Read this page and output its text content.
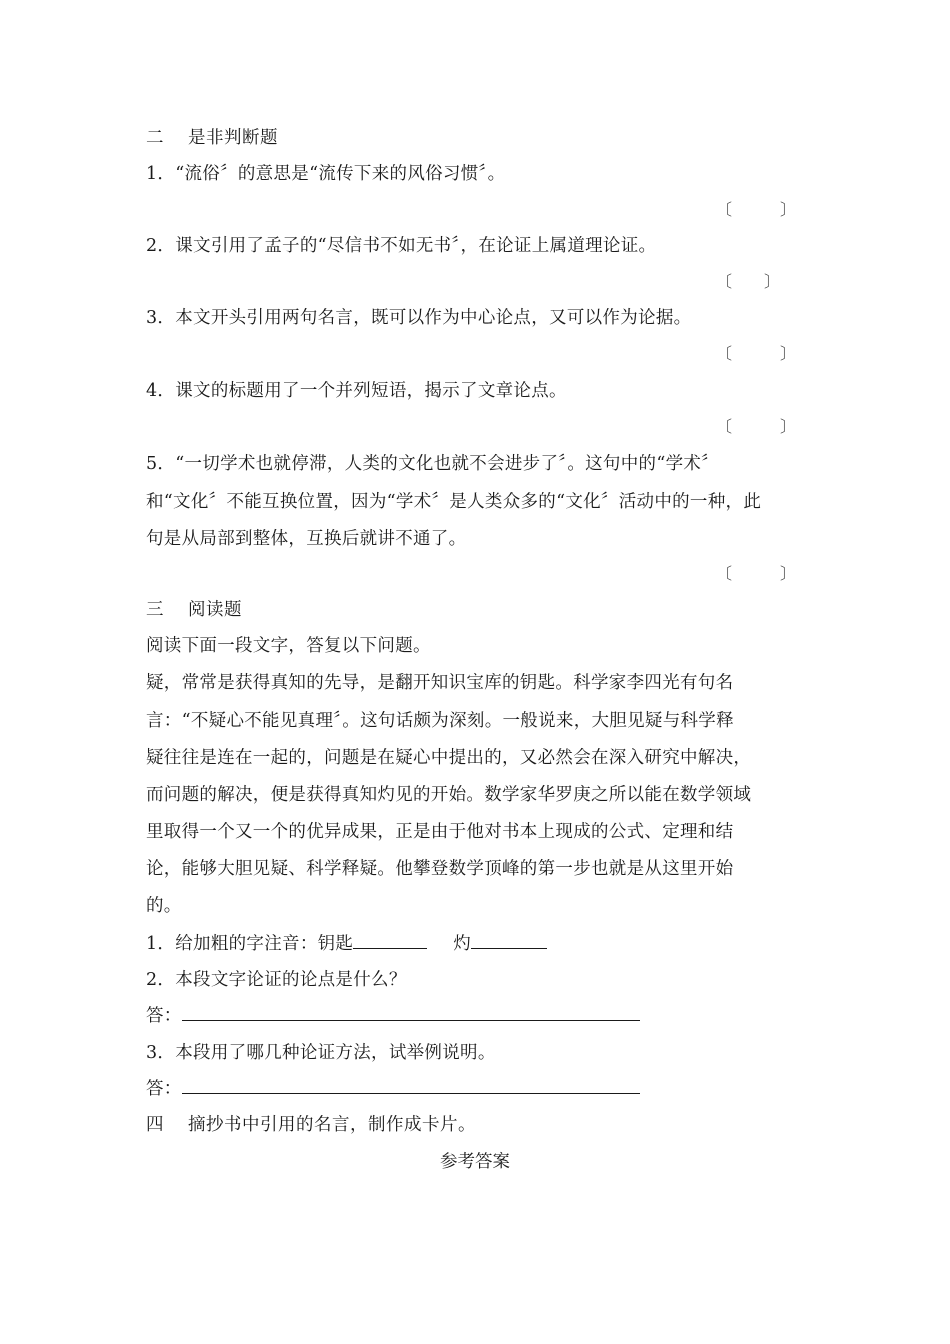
二 是非判断题
1．“流俗〞的意思是“流传下来的风俗习惯〞。
〔　　　〕
2．课文引用了孟子的“尽信书不如无书〞，在论证上属道理论证。
〔　　〕
3．本文开头引用两句名言，既可以作为中心论点，又可以作为论据。
〔　　　〕
4．课文的标题用了一个并列短语，揭示了文章论点。
〔　　　〕
5．“一切学术也就停滞，人类的文化也就不会进步了〞。这句中的“学术〞
和“文化〞不能互换位置，因为“学术〞是人类众多的“文化〞活动中的一种，此
句是从局部到整体，互换后就讲不通了。
〔　　　〕
三 阅读题
阅读下面一段文字，答复以下问题。
疑，常常是获得真知的先导，是翻开知识宝库的钥匙。科学家李四光有句名
言：“不疑心不能见真理〞。这句话颇为深刻。一般说来，大胆见疑与科学释
疑往往是连在一起的，问题是在疑心中提出的，又必然会在深入研究中解决，
而问题的解决，便是获得真知灼见的开始。数学家华罗庚之所以能在数学领域
里取得一个又一个的优异成果，正是由于他对书本上现成的公式、定理和结
论，能够大胆见疑、科学释疑。他攀登数学顶峰的第一步也就是从这里开始
的。
1．给加粗的字注音：钥匙	灼
2．本段文字论证的论点是什么？
答：
3．本段用了哪几种论证方法，试举例说明。
答：
四 摘抄书中引用的名言，制作成卡片。
参考答案
